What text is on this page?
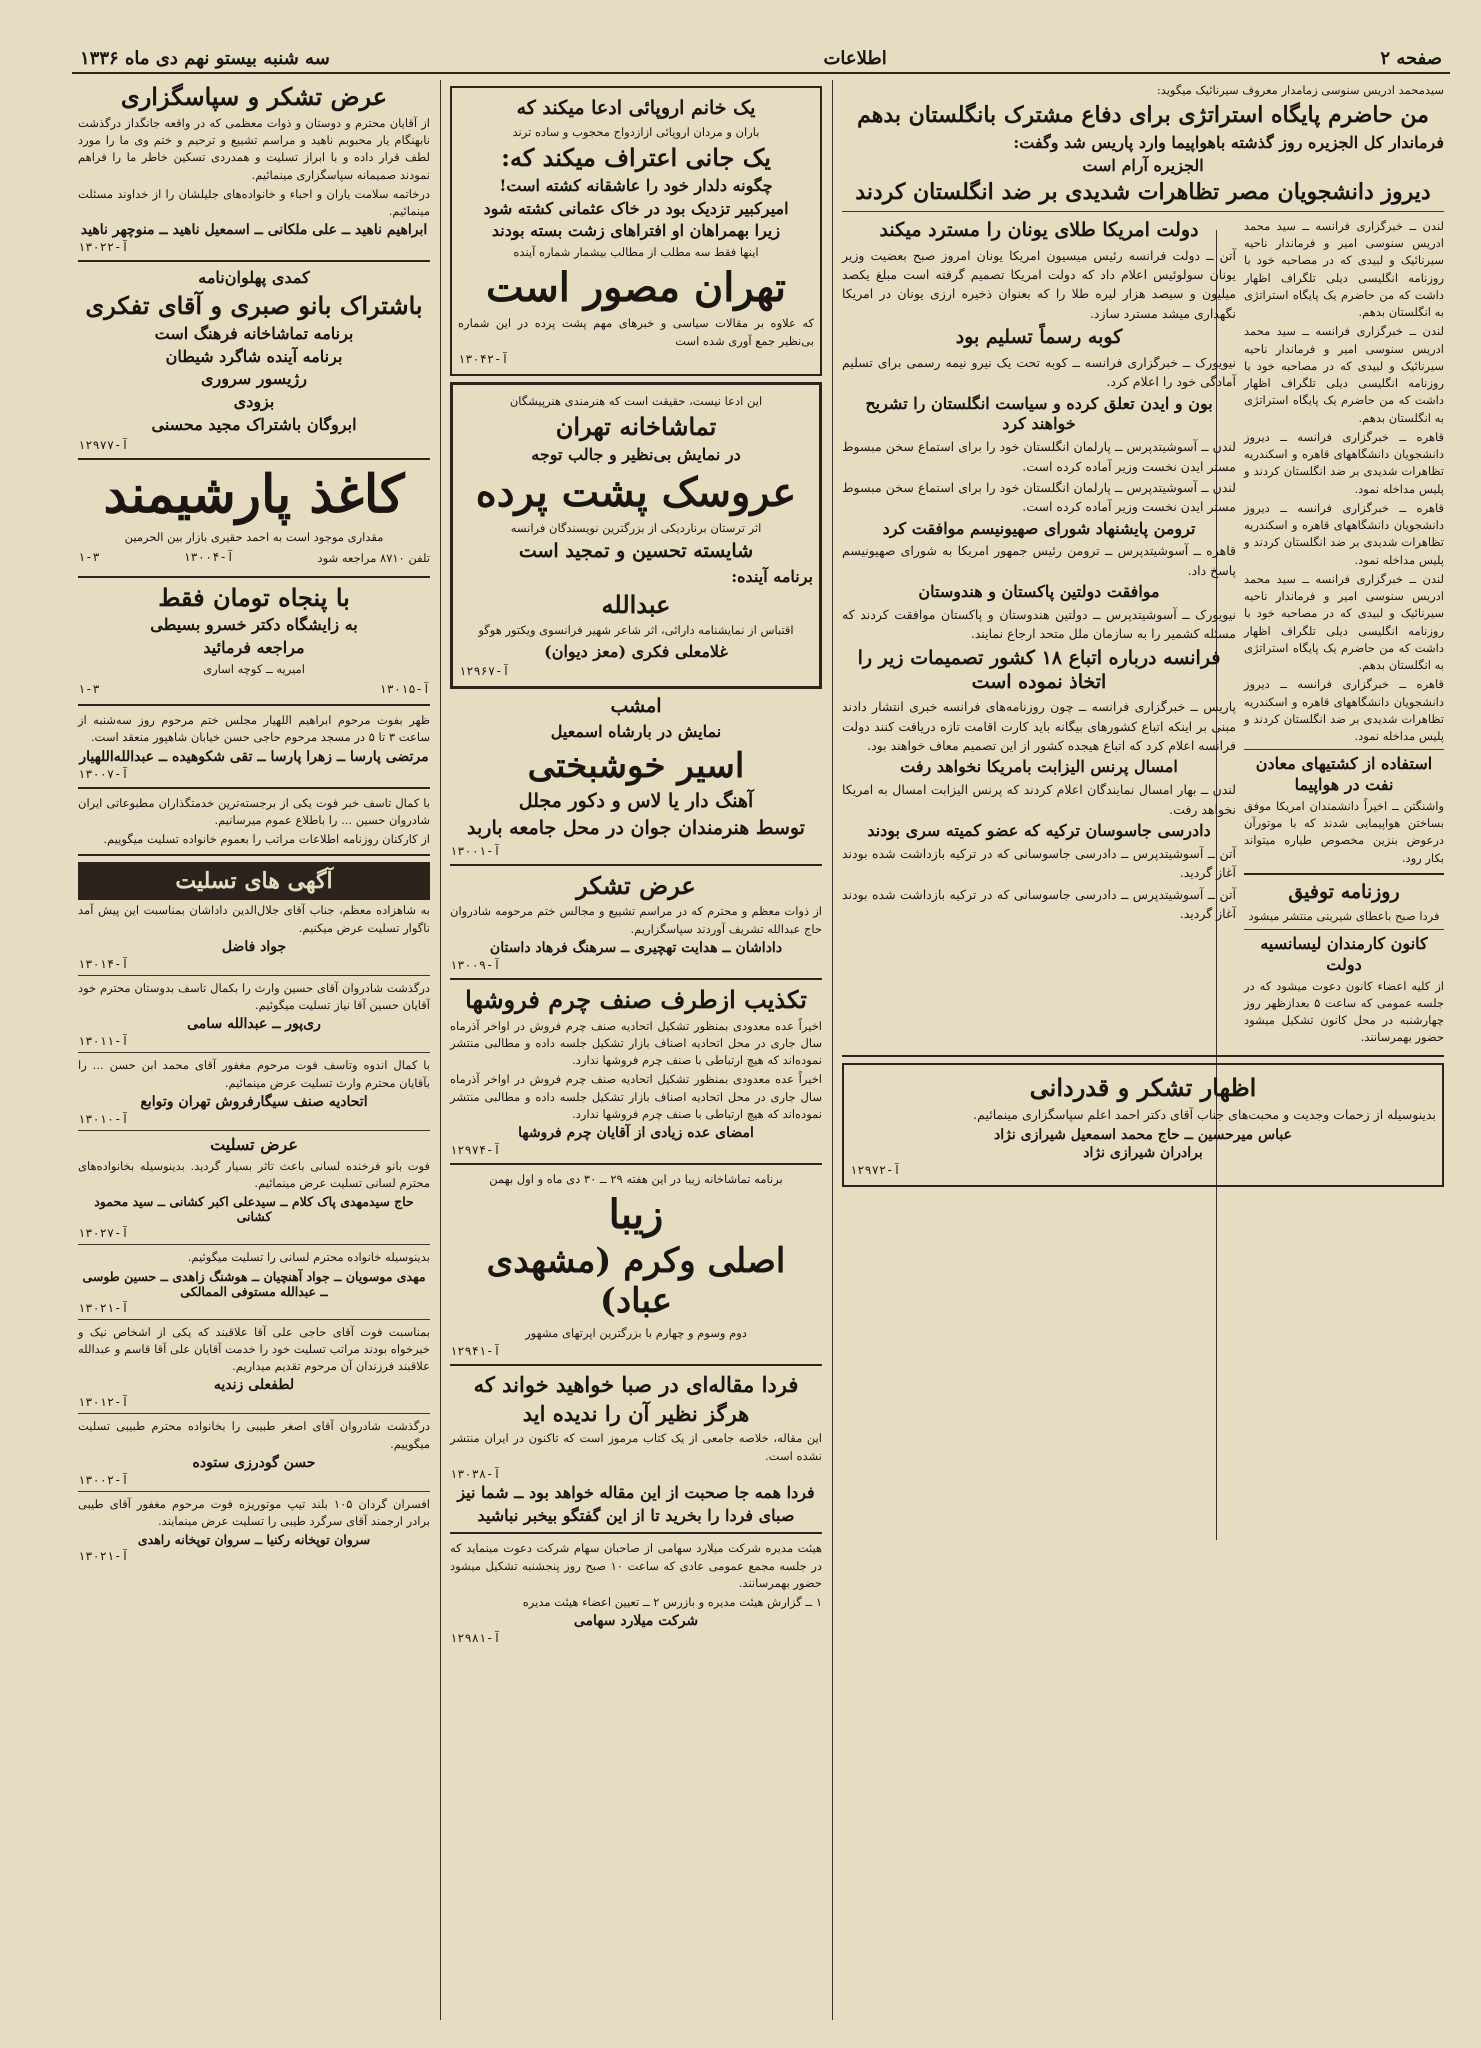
صفحه ۲
اطلاعات
سه شنبه بیستو نهم دی ماه ۱۳۳۶
سیدمحمد ادریس سنوسی زمامدار معروف سیرنائیک میگوید:
من حاضرم پایگاه استراتژی برای دفاع مشترک بانگلستان بدهم
فرماندار کل الجزیره روز گذشته باهواپیما وارد پاریس شد وگفت:
الجزیره آرام است
دیروز دانشجویان مصر تظاهرات شدیدی بر ضد انگلستان کردند
لندن ــ خبرگزاری فرانسه ــ سید محمد ادریس سنوسی امیر و فرماندار ناحیه سیرنائیک و لبیدی که در مصاحبه خود با روزنامه انگلیسی دیلی تلگراف اظهار داشت که من حاضرم یک پایگاه استراتژی به انگلستان بدهم.
لندن ــ خبرگزاری فرانسه ــ سید محمد ادریس سنوسی امیر و فرماندار ناحیه سیرنائیک و لبیدی که در مصاحبه خود با روزنامه انگلیسی دیلی تلگراف اظهار داشت که من حاضرم یک پایگاه استراتژی به انگلستان بدهم.
قاهره ــ خبرگزاری فرانسه ــ دیروز دانشجویان دانشگاههای قاهره و اسکندریه تظاهرات شدیدی بر ضد انگلستان کردند و پلیس مداخله نمود.
قاهره ــ خبرگزاری فرانسه ــ دیروز دانشجویان دانشگاههای قاهره و اسکندریه تظاهرات شدیدی بر ضد انگلستان کردند و پلیس مداخله نمود.
لندن ــ خبرگزاری فرانسه ــ سید محمد ادریس سنوسی امیر و فرماندار ناحیه سیرنائیک و لبیدی که در مصاحبه خود با روزنامه انگلیسی دیلی تلگراف اظهار داشت که من حاضرم یک پایگاه استراتژی به انگلستان بدهم.
قاهره ــ خبرگزاری فرانسه ــ دیروز دانشجویان دانشگاههای قاهره و اسکندریه تظاهرات شدیدی بر ضد انگلستان کردند و پلیس مداخله نمود.
استفاده از کشتیهای معادن نفت در هواپیما
واشنگتن ــ اخیراً دانشمندان امریکا موفق بساختن هواپیمایی شدند که با موتورآن درعوض بنزین مخصوص طیاره میتواند بکار رود.
روزنامه توفیق
فردا صبح باعطای شیرینی منتشر میشود
کانون کارمندان لیسانسیه دولت
از کلیه اعضاء کانون دعوت میشود که در جلسه عمومی که ساعت ۵ بعدازظهر روز چهارشنبه در محل کانون تشکیل میشود حضور بهمرسانند.
دولت امریکا طلای یونان را مسترد میکند
آتن ــ دولت فرانسه رئیس میسیون امریکا یونان امروز صبح بعضیت وزیر یونان سولوئیس اعلام داد که دولت امریکا تصمیم گرفته است مبلغ یکصد میلیون و سیصد هزار لیره طلا را که بعنوان ذخیره ارزی یونان در امریکا نگهداری میشد مسترد سازد.
کوبه رسماً تسلیم بود
نیویورک ــ خبرگزاری فرانسه ــ کوبه تحت یک نیرو نیمه رسمی برای تسلیم آمادگی خود را اعلام کرد.
بون و ایدن تعلق کرده و سیاست انگلستان را تشریح خواهند کرد
لندن ــ آسوشیتدپرس ــ پارلمان انگلستان خود را برای استماع سخن مبسوط مستر ایدن نخست وزیر آماده کرده است.
لندن ــ آسوشیتدپرس ــ پارلمان انگلستان خود را برای استماع سخن مبسوط مستر ایدن نخست وزیر آماده کرده است.
ترومن پایشنهاد شورای صهیونیسم موافقت کرد
قاهره ــ آسوشیتدپرس ــ ترومن رئیس جمهور امریکا به شورای صهیونیسم پاسخ داد.
موافقت دولتین پاکستان و هندوستان
نیویورک ــ آسوشیتدپرس ــ دولتین هندوستان و پاکستان موافقت کردند که مسئله کشمیر را به سازمان ملل متحد ارجاع نمایند.
فرانسه درباره اتباع ۱۸ کشور تصمیمات زیر را اتخاذ نموده است
پاریس ــ خبرگزاری فرانسه ــ چون روزنامه‌های فرانسه خبری انتشار دادند مبنی بر اینکه اتباع کشورهای بیگانه باید کارت اقامت تازه دریافت کنند دولت فرانسه اعلام کرد که اتباع هیجده کشور از این تصمیم معاف خواهند بود.
امسال پرنس الیزابت بامریکا نخواهد رفت
لندن ــ بهار امسال نمایندگان اعلام کردند که پرنس الیزابت امسال به امریکا نخواهد رفت.
دادرسی جاسوسان ترکیه که عضو کمیته سری بودند
آتن ــ آسوشیتدپرس ــ دادرسی جاسوسانی که در ترکیه بازداشت شده بودند آغاز گردید.
آتن ــ آسوشیتدپرس ــ دادرسی جاسوسانی که در ترکیه بازداشت شده بودند آغاز گردید.
اظهار تشکر و قدردانی
بدینوسیله از زحمات وجدیت و محبت‌های جناب آقای دکتر احمد اعلم سپاسگزاری مینمائیم.
عباس میرحسین ــ حاج محمد اسمعیل شیرازی نژاد
برادران شیرازی نژاد
آ-۱۲۹۷۲
یک خانم اروپائی ادعا میکند که
باران و مردان اروپائی ازازدواج محجوب و ساده ترند
یک جانی اعتراف میکند که:
چگونه دلدار خود را عاشقانه کشته است!
امیرکبیر تزدیک بود در خاک عثمانی کشته شود
زیرا بهمراهان او افتراهای زشت بسته بودند
اینها فقط سه مطلب از مطالب بیشمار شماره آینده
تهران مصور است
که علاوه بر مقالات سیاسی و خبرهای مهم پشت پرده در این شماره بی‌نظیر جمع آوری شده است
آ-۱۳۰۴۲
این ادعا نیست، حقیقت است که هنرمندی هنرپیشگان
تماشاخانه تهران
در نمایش بی‌نظیر و جالب توجه
عروسک پشت پرده
اثر ترستان برناردیکی از بزرگترین نویسندگان فرانسه
شایسته تحسین و تمجید است
برنامه آینده:
عبدالله
اقتباس از نمایشنامه دارائی، اثر شاعر شهیر فرانسوی ویکتور هوگو
غلامعلی فکری (معز دیوان)
آ-۱۲۹۶۷
امشب
نمایش در بارشاه اسمعیل
اسیر خوشبختی
آهنگ دار یا لاس و دکور مجلل
توسط هنرمندان جوان در محل جامعه باربد
آ-۱۳۰۰۱
عرض تشکر
از ذوات معظم و محترم که در مراسم تشییع و مجالس ختم مرحومه شادروان حاج عبدالله تشریف آوردند سپاسگزاریم.
داداشان ــ هدایت تهچیری ــ سرهنگ فرهاد داستان
آ-۱۳۰۰۹
تکذیب ازطرف صنف چرم فروشها
اخیراً عده معدودی بمنظور تشکیل اتحادیه صنف چرم فروش در اواخر آذرماه سال جاری در محل اتحادیه اصناف بازار تشکیل جلسه داده و مطالبی منتشر نموده‌اند که هیچ ارتباطی با صنف چرم فروشها ندارد.
اخیراً عده معدودی بمنظور تشکیل اتحادیه صنف چرم فروش در اواخر آذرماه سال جاری در محل اتحادیه اصناف بازار تشکیل جلسه داده و مطالبی منتشر نموده‌اند که هیچ ارتباطی با صنف چرم فروشها ندارد.
امضای عده زیادی از آقایان چرم فروشها
آ-۱۲۹۷۴
برنامه تماشاخانه زیبا در این هفته ۲۹ ــ ۳۰ دی ماه و اول بهمن
زیبا
اصلی وکرم (مشهدی عباد)
دوم وسوم و چهارم با بزرگترین اپرتهای مشهور
آ-۱۲۹۴۱
فردا مقاله‌ای در صبا خواهید خواند که
هرگز نظیر آن را ندیده اید
این مقاله، خلاصه جامعی از یک کتاب مرموز است که تاکنون در ایران منتشر نشده است.
آ-۱۳۰۳۸
فردا همه جا صحبت از این مقاله خواهد بود ــ شما نیز
صبای فردا را بخرید تا از این گفتگو بیخبر نباشید
هیئت مدیره شرکت میلارد سهامی از صاحبان سهام شرکت دعوت مینماید که در جلسه مجمع عمومی عادی که ساعت ۱۰ صبح روز پنجشنبه تشکیل میشود حضور بهمرسانند.
۱ ــ گزارش هیئت مدیره و بازرس ۲ ــ تعیین اعضاء هیئت مدیره
شرکت میلارد سهامی
آ-۱۲۹۸۱
عرض تشکر و سپاسگزاری
از آقایان محترم و دوستان و ذوات معظمی که در واقعه جانگداز درگذشت نابهنگام یار محبوبم ناهید و مراسم تشییع و ترحیم و ختم وی ما را مورد لطف قرار داده و با ابراز تسلیت و همدردی تسکین خاطر ما را فراهم نمودند صمیمانه سپاسگزاری مینمائیم.
درخاتمه سلامت یاران و احباء و خانواده‌های جلیلشان را از خداوند مسئلت مینمائیم.
ابراهیم ناهید ــ علی ملکانی ــ اسمعیل ناهید ــ منوچهر ناهید
آ-۱۳۰۲۲
کمدی پهلوان‌نامه
باشتراک بانو صبری و آقای تفکری
برنامه تماشاخانه فرهنگ است
برنامه آینده شاگرد شیطان
رژیسور سروری
بزودی
ابروگان باشتراک مجید محسنی
آ-۱۲۹۷۷
کاغذ پارشیمند
مقداری موجود است به احمد حقیری بازار بین الحرمین
تلفن ۸۷۱۰ مراجعه شود
آ-۱۳۰۰۴
۱-۳
با پنجاه تومان فقط
به زایشگاه دکتر خسرو بسیطی
مراجعه فرمائید
امیریه ــ کوچه اساری
آ-۱۳۰۱۵
۱-۳
ظهر بفوت مرحوم ابراهیم اللهیار مجلس ختم مرحوم روز سه‌شنبه از ساعت ۳ تا ۵ در مسجد مرحوم حاجی حسن خیابان شاهپور منعقد است.
مرتضی پارسا ــ زهرا پارسا ــ تقی شکوهیده ــ عبدالله‌اللهیار
آ-۱۳۰۰۷
با کمال تاسف خبر فوت یکی از برجسته‌ترین خدمتگذاران مطبوعاتی ایران شادروان حسین ... را باطلاع عموم میرسانیم.
از کارکنان روزنامه اطلاعات مراتب را بعموم خانواده تسلیت میگوییم.
آگهی های تسلیت
به شاهزاده معظم، جناب آقای جلال‌الدین داداشان بمناسبت این پیش آمد ناگوار تسلیت عرض میکنیم.
جواد فاضل
آ-۱۳۰۱۴
درگذشت شادروان آقای حسین وارث را بکمال تاسف بدوستان محترم خود آقایان حسین آقا نیاز تسلیت میگوئیم.
ری‌پور ــ عبدالله سامی
آ-۱۳۰۱۱
با کمال اندوه وتاسف فوت مرحوم مغفور آقای محمد ابن حسن ... را بآقایان محترم وارث تسلیت عرض مینمائیم.
اتحادیه صنف سیگارفروش تهران وتوابع
آ-۱۳۰۱۰
عرض تسلیت
فوت بانو فرخنده لسانی باعث تاثر بسیار گردید. بدینوسیله بخانواده‌های محترم لسانی تسلیت عرض مینمائیم.
حاج سیدمهدی پاک کلام ــ سیدعلی اکبر کشانی ــ سید محمود کشانی
آ-۱۳۰۲۷
بدینوسیله خانواده محترم لسانی را تسلیت میگوئیم.
مهدی موسویان ــ جواد آهنچیان ــ هوشنگ زاهدی ــ حسین طوسی ــ عبدالله مستوفی الممالکی
آ-۱۳۰۲۱
بمناسبت فوت آقای حاجی علی آقا علاقبند که یکی از اشخاص نیک و خیرخواه بودند مراتب تسلیت خود را خدمت آقایان علی آقا قاسم و عبدالله علاقبند فرزندان آن مرحوم تقدیم میداریم.
لطفعلی زندیه
آ-۱۳۰۱۲
درگذشت شادروان آقای اصغر طبیبی را بخانواده محترم طبیبی تسلیت میگوییم.
حسن گودرزی ستوده
آ-۱۳۰۰۲
افسران گردان ۱۰۵ بلند تیپ موتوریزه فوت مرحوم مغفور آقای طیبی برادر ارجمند آقای سرگرد طیبی را تسلیت عرض مینمایند.
سروان توپخانه رکنیا ــ سروان توپخانه راهدی
آ-۱۳۰۲۱
